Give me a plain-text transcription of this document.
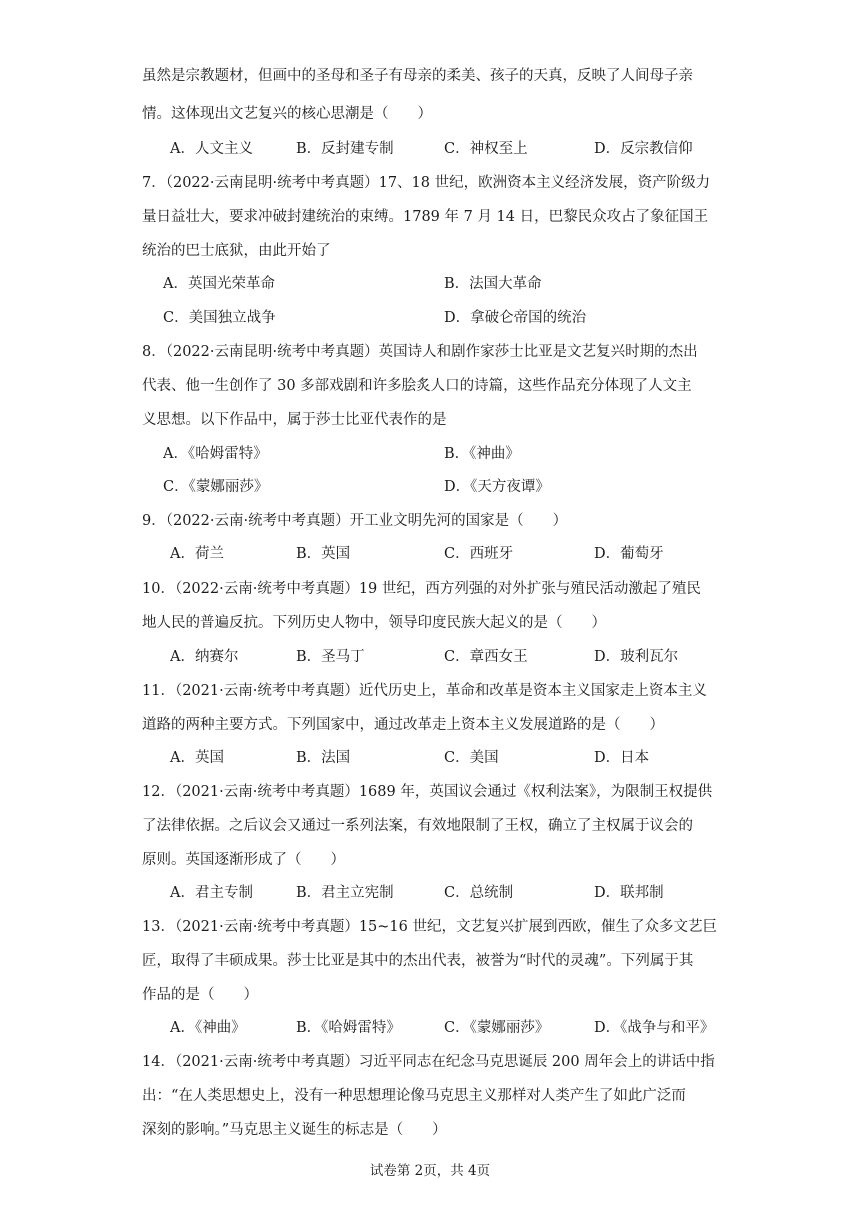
虽然是宗教题材，但画中的圣母和圣子有母亲的柔美、孩子的天真，反映了人间母子亲
情。这体现出文艺复兴的核心思潮是（　　）
A．人文主义	B．反封建专制	C．神权至上	D．反宗教信仰
7．（2022·云南昆明·统考中考真题）17、18 世纪，欧洲资本主义经济发展，资产阶级力
量日益壮大，要求冲破封建统治的束缚。1789 年 7 月 14 日，巴黎民众攻占了象征国王
统治的巴士底狱，由此开始了
A．英国光荣革命	B．法国大革命
C．美国独立战争	D．拿破仑帝国的统治
8．（2022·云南昆明·统考中考真题）英国诗人和剧作家莎士比亚是文艺复兴时期的杰出
代表、他一生创作了 30 多部戏剧和许多脍炙人口的诗篇，这些作品充分体现了人文主
义思想。以下作品中，属于莎士比亚代表作的是
A．《哈姆雷特》	B．《神曲》
C．《蒙娜丽莎》	D．《天方夜谭》
9．（2022·云南·统考中考真题）开工业文明先河的国家是（　　）
A．荷兰	B．英国	C．西班牙	D．葡萄牙
10．（2022·云南·统考中考真题）19 世纪，西方列强的对外扩张与殖民活动激起了殖民
地人民的普遍反抗。下列历史人物中，领导印度民族大起义的是（　　）
A．纳赛尔	B．圣马丁	C．章西女王	D．玻利瓦尔
11．（2021·云南·统考中考真题）近代历史上，革命和改革是资本主义国家走上资本主义
道路的两种主要方式。下列国家中，通过改革走上资本主义发展道路的是（　　）
A．英国	B．法国	C．美国	D．日本
12．（2021·云南·统考中考真题）1689 年，英国议会通过《权利法案》，为限制王权提供
了法律依据。之后议会又通过一系列法案，有效地限制了王权，确立了主权属于议会的
原则。英国逐渐形成了（　　）
A．君主专制	B．君主立宪制	C．总统制	D．联邦制
13．（2021·云南·统考中考真题）15~16 世纪，文艺复兴扩展到西欧，催生了众多文艺巨
匠，取得了丰硕成果。莎士比亚是其中的杰出代表，被誉为“时代的灵魂”。下列属于其
作品的是（　　）
A．《神曲》	B．《哈姆雷特》	C．《蒙娜丽莎》	D．《战争与和平》
14．（2021·云南·统考中考真题）习近平同志在纪念马克思诞辰 200 周年会上的讲话中指
出：“在人类思想史上，没有一种思想理论像马克思主义那样对人类产生了如此广泛而
深刻的影响。”马克思主义诞生的标志是（　　）
试卷第 2页，共 4页
